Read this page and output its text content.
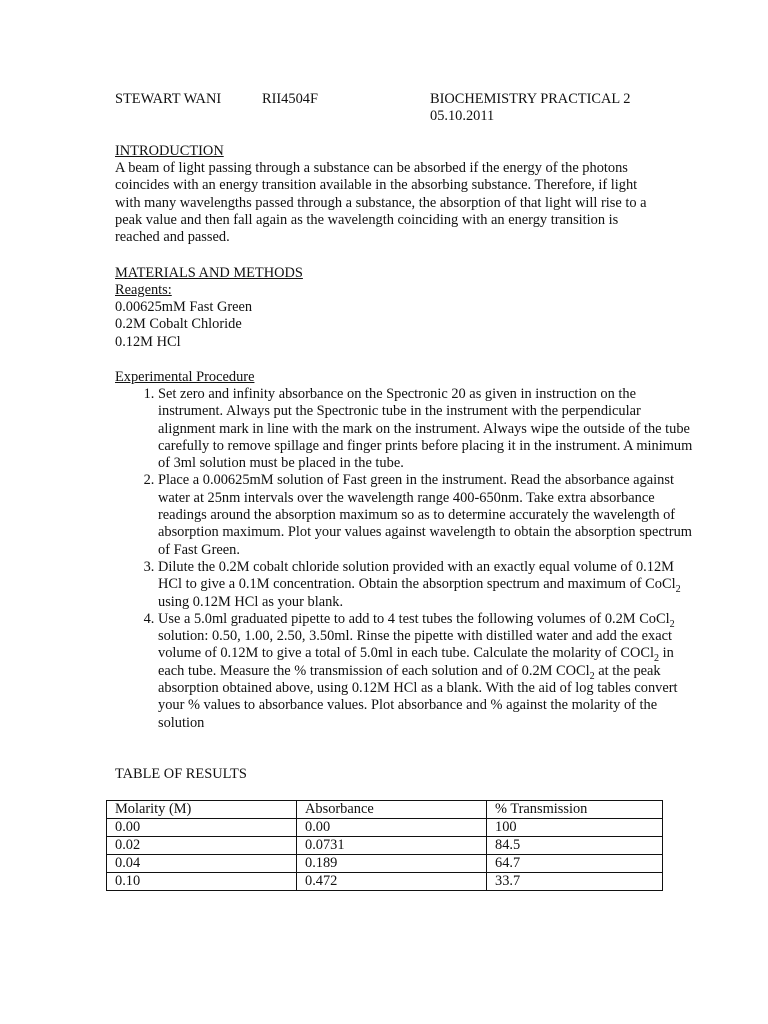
STEWART WANI	RII4504F	BIOCHEMISTRY PRACTICAL 2
05.10.2011
INTRODUCTION

A beam of light passing through a substance can be absorbed if the energy of the photons coincides with an energy transition available in the absorbing substance. Therefore, if light with many wavelengths passed through a substance, the absorption of that light will rise to a peak value and then fall again as the wavelength coinciding with an energy transition is reached and passed.

MATERIALS AND METHODS
Reagents:
0.00625mM Fast Green
0.2M Cobalt Chloride
0.12M HCl
Experimental Procedure
1. Set zero and infinity absorbance on the Spectronic 20 as given in instruction on the instrument. Always put the Spectronic tube in the instrument with the perpendicular alignment mark in line with the mark on the instrument. Always wipe the outside of the tube carefully to remove spillage and finger prints before placing it in the instrument. A minimum of 3ml solution must be placed in the tube.
2. Place a 0.00625mM solution of Fast green in the instrument. Read the absorbance against water at 25nm intervals over the wavelength range 400-650nm. Take extra absorbance readings around the absorption maximum so as to determine accurately the wavelength of absorption maximum. Plot your values against wavelength to obtain the absorption spectrum of Fast Green.
3. Dilute the 0.2M cobalt chloride solution provided with an exactly equal volume of 0.12M HCl to give a 0.1M concentration. Obtain the absorption spectrum and maximum of CoCl$_2$ using 0.12M HCl as your blank.
4. Use a 5.0ml graduated pipette to add to 4 test tubes the following volumes of 0.2M CoCl$_2$ solution: 0.50, 1.00, 2.50, 3.50ml. Rinse the pipette with distilled water and add the exact volume of 0.12M to give a total of 5.0ml in each tube. Calculate the molarity of COCl$_2$ in each tube. Measure the % transmission of each solution and of 0.2M COCl$_2$ at the peak absorption obtained above, using 0.12M HCl as a blank. With the aid of log tables convert your % values to absorbance values. Plot absorbance and % against the molarity of the solution
TABLE OF RESULTS
Molarity (M)	Absorbance	% Transmission
0.00	0.00	100
0.02	0.0731	84.5
0.04	0.189	64.7
0.10	0.472	33.7
